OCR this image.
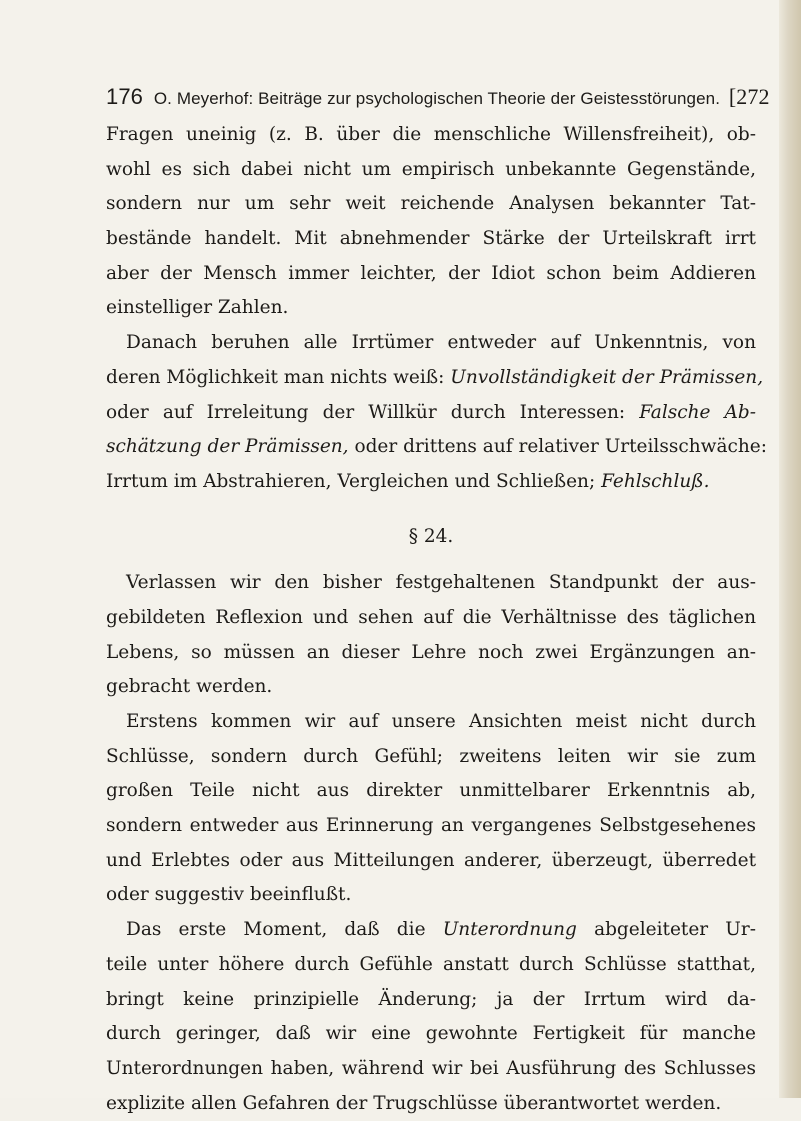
176 O. Meyerhof: Beiträge zur psychologischen Theorie der Geistesstörungen. [272
Fragen uneinig (z. B. über die menschliche Willensfreiheit), ob-
wohl es sich dabei nicht um empirisch unbekannte Gegenstände,
sondern nur um sehr weit reichende Analysen bekannter Tat-
bestände handelt. Mit abnehmender Stärke der Urteilskraft irrt
aber der Mensch immer leichter, der Idiot schon beim Addieren
einstelliger Zahlen.
Danach beruhen alle Irrtümer entweder auf Unkenntnis, von
deren Möglichkeit man nichts weiß: Unvollständigkeit der Prämissen,
oder auf Irreleitung der Willkür durch Interessen: Falsche Ab-
schätzung der Prämissen, oder drittens auf relativer Urteilsschwäche:
Irrtum im Abstrahieren, Vergleichen und Schließen; Fehlschluß.
§ 24.
Verlassen wir den bisher festgehaltenen Standpunkt der aus-
gebildeten Reflexion und sehen auf die Verhältnisse des täglichen
Lebens, so müssen an dieser Lehre noch zwei Ergänzungen an-
gebracht werden.
Erstens kommen wir auf unsere Ansichten meist nicht durch
Schlüsse, sondern durch Gefühl; zweitens leiten wir sie zum
großen Teile nicht aus direkter unmittelbarer Erkenntnis ab,
sondern entweder aus Erinnerung an vergangenes Selbstgesehenes
und Erlebtes oder aus Mitteilungen anderer, überzeugt, überredet
oder suggestiv beeinflußt.
Das erste Moment, daß die Unterordnung abgeleiteter Ur-
teile unter höhere durch Gefühle anstatt durch Schlüsse statthat,
bringt keine prinzipielle Änderung; ja der Irrtum wird da-
durch geringer, daß wir eine gewohnte Fertigkeit für manche
Unterordnungen haben, während wir bei Ausführung des Schlusses
explizite allen Gefahren der Trugschlüsse überantwortet werden.
